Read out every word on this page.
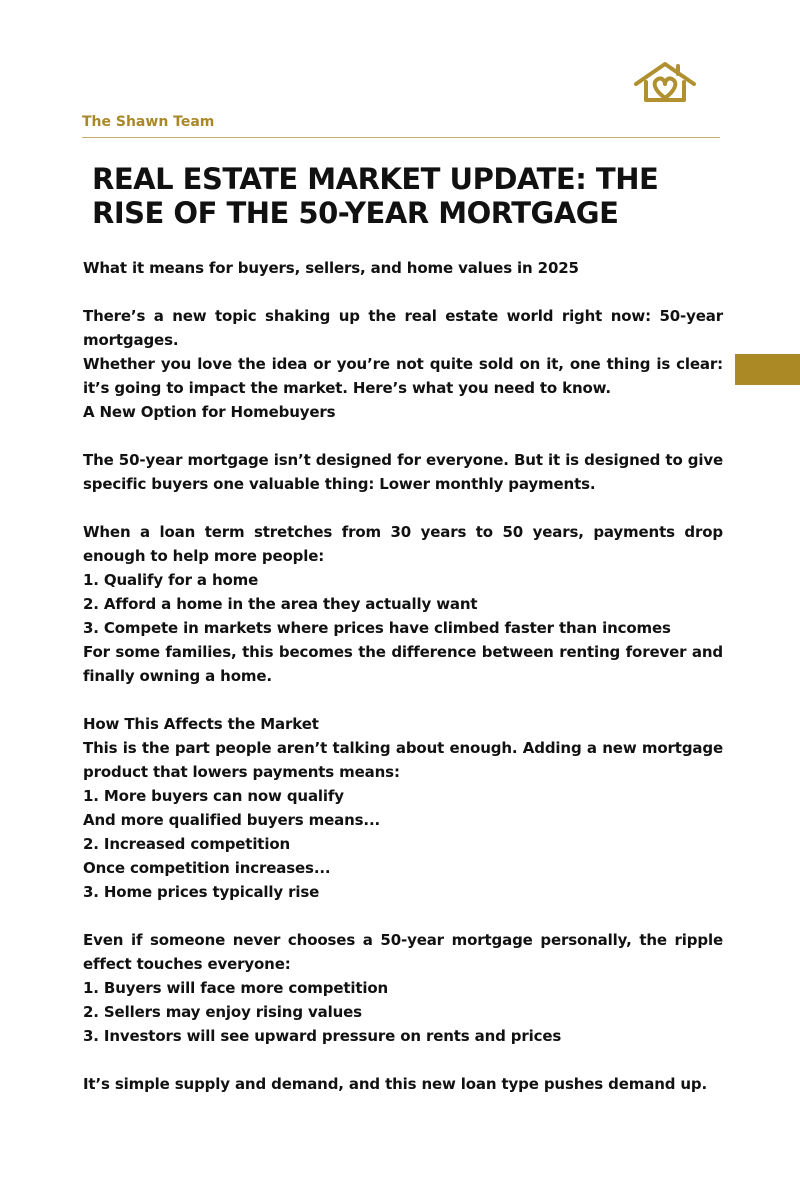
The Shawn Team
REAL ESTATE MARKET UPDATE: THE
RISE OF THE 50-YEAR MORTGAGE

What it means for buyers, sellers, and home values in 2025

There’s a new topic shaking up the real estate world right now: 50-year mortgages.

Whether you love the idea or you’re not quite sold on it, one thing is clear: it’s going to impact the market. Here’s what you need to know.

A New Option for Homebuyers

The 50-year mortgage isn’t designed for everyone. But it is designed to give specific buyers one valuable thing: Lower monthly payments.

When a loan term stretches from 30 years to 50 years, payments drop enough to help more people:

1. Qualify for a home

2. Afford a home in the area they actually want

3. Compete in markets where prices have climbed faster than incomes

For some families, this becomes the difference between renting forever and finally owning a home.

How This Affects the Market

This is the part people aren’t talking about enough. Adding a new mortgage product that lowers payments means:

1. More buyers can now qualify

And more qualified buyers means...

2. Increased competition

Once competition increases...

3. Home prices typically rise

Even if someone never chooses a 50-year mortgage personally, the ripple effect touches everyone:

1. Buyers will face more competition

2. Sellers may enjoy rising values

3. Investors will see upward pressure on rents and prices

It’s simple supply and demand, and this new loan type pushes demand up.
